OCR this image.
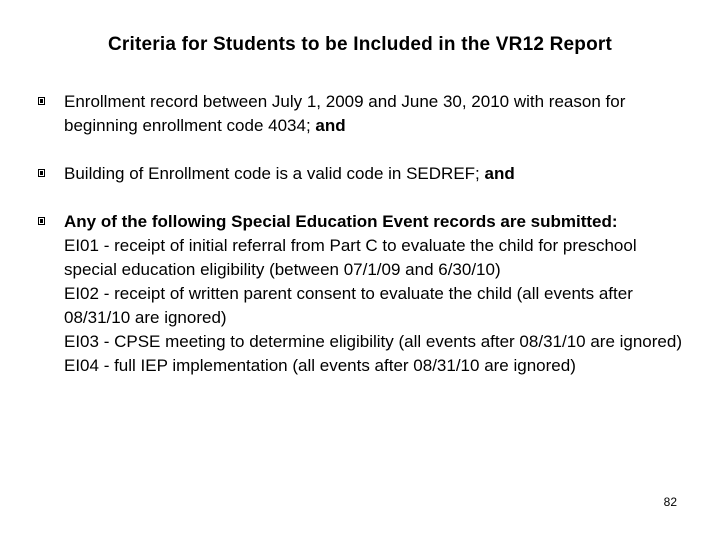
Criteria for Students to be Included in the VR12 Report
Enrollment record between July 1, 2009 and June 30, 2010 with reason for beginning enrollment code 4034; and
Building of Enrollment code is a valid code in SEDREF; and
Any of the following Special Education Event records are submitted:
EI01 - receipt of initial referral from Part C to evaluate the child for preschool special education eligibility (between 07/1/09 and 6/30/10)
EI02 - receipt of written parent consent to evaluate the child (all events after 08/31/10 are ignored)
EI03 - CPSE meeting to determine eligibility (all events after 08/31/10 are ignored)
EI04 - full IEP implementation (all events after 08/31/10 are ignored)
82
